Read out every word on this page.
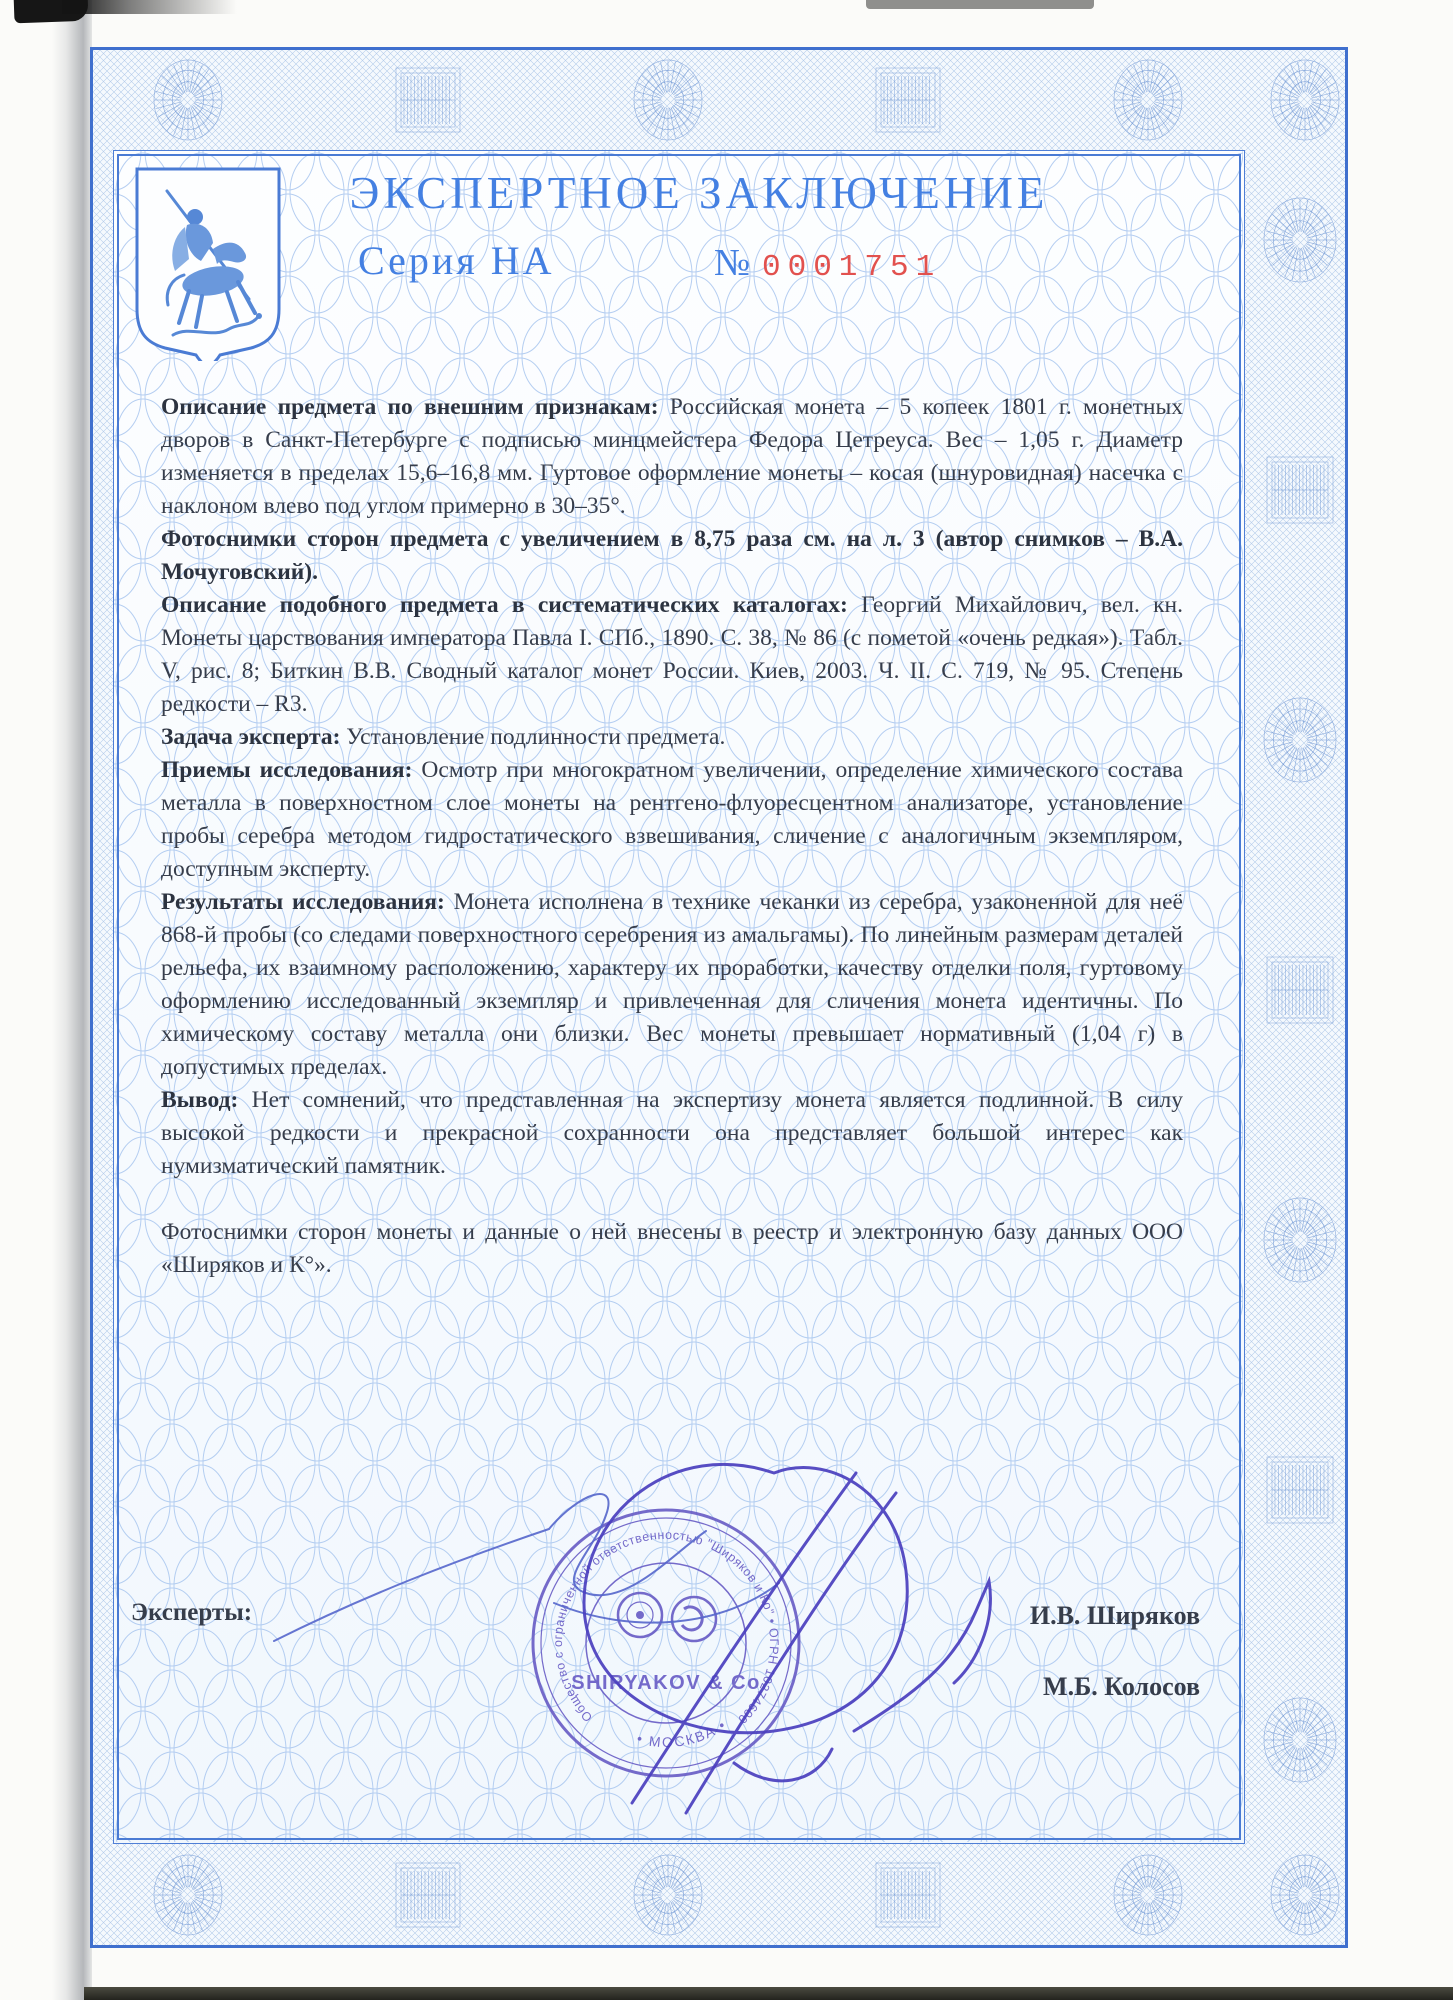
ЭКСПЕРТНОЕ ЗАКЛЮЧЕНИЕ
Серия НА	№ 0001751

Описание предмета по внешним признакам: Российская монета – 5 копеек 1801 г. монетных дворов в Санкт-Петербурге с подписью минцмейстера Федора Цетреуса. Вес – 1,05 г. Диаметр изменяется в пределах 15,6–16,8 мм. Гуртовое оформление монеты – косая (шнуровидная) насечка с наклоном влево под углом примерно в 30–35°.

Фотоснимки сторон предмета с увеличением в 8,75 раза см. на л. 3 (автор снимков – В.А. Мочуговский).

Описание подобного предмета в систематических каталогах: Георгий Михайлович, вел. кн. Монеты царствования императора Павла I. СПб., 1890. С. 38, № 86 (с пометой «очень редкая»). Табл. V, рис. 8; Биткин В.В. Сводный каталог монет России. Киев, 2003. Ч. II. С. 719, № 95. Степень редкости – R3.

Задача эксперта: Установление подлинности предмета.

Приемы исследования: Осмотр при многократном увеличении, определение химического состава металла в поверхностном слое монеты на рентгено-флуоресцентном анализаторе, установление пробы серебра методом гидростатического взвешивания, сличение с аналогичным экземпляром, доступным эксперту.

Результаты исследования: Монета исполнена в технике чеканки из серебра, узаконенной для неё 868-й пробы (со следами поверхностного серебрения из амальгамы). По линейным размерам деталей рельефа, их взаимному расположению, характеру их проработки, качеству отделки поля, гуртовому оформлению исследованный экземпляр и привлеченная для сличения монета идентичны. По химическому составу металла они близки. Вес монеты превышает нормативный (1,04 г) в допустимых пределах.

Вывод: Нет сомнений, что представленная на экспертизу монета является подлинной. В силу высокой редкости и прекрасной сохранности она представляет большой интерес как нумизматический памятник.

Фотоснимки сторон монеты и данные о ней внесены в реестр и электронную базу данных ООО «Ширяков и К°».

Эксперты:	И.В. Ширяков
М.Б. Колосов
Общество с ограниченной ответственностью "Ширяков и Ко" • ОГРН 1027460022
• МОСКВА •
SHIRYAKOV & Co
